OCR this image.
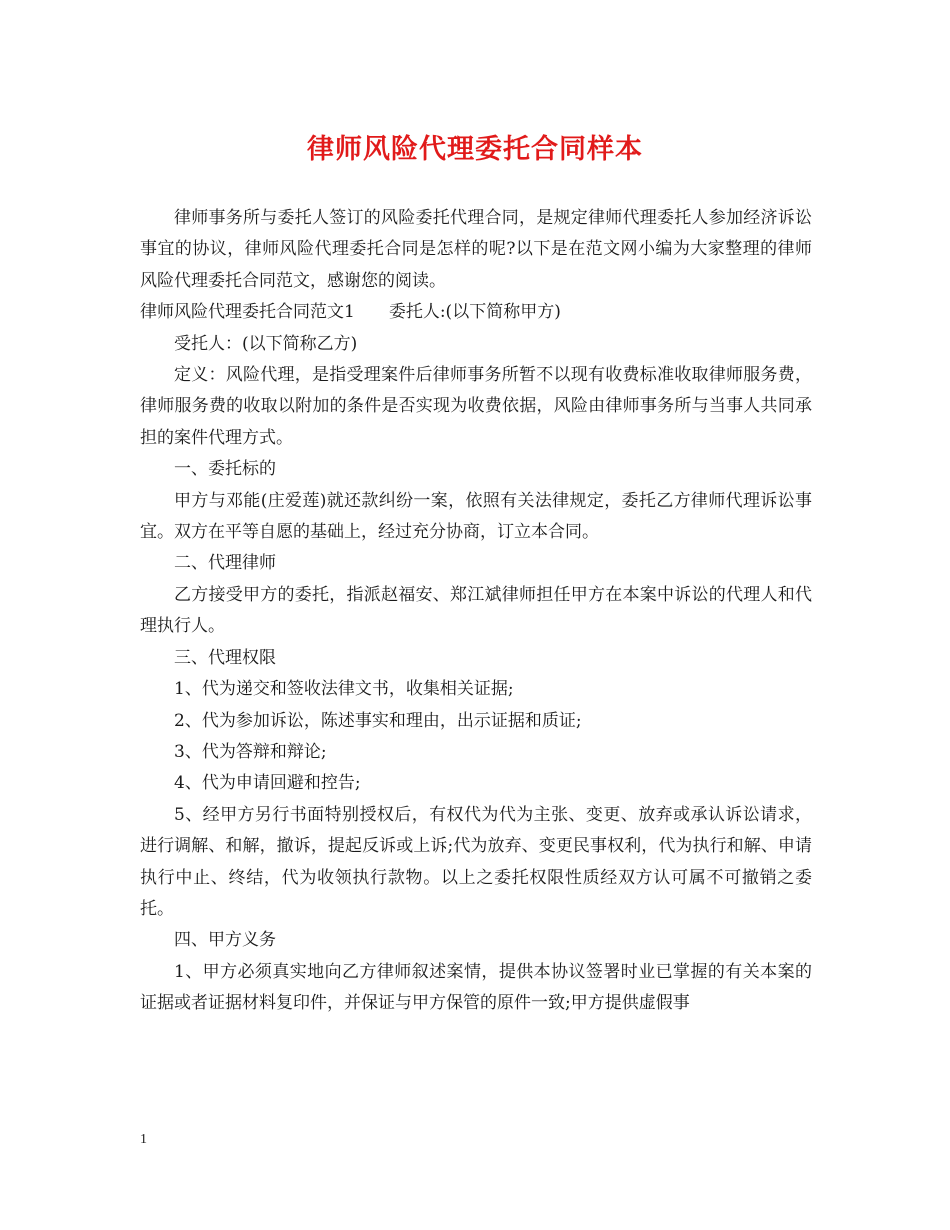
律师风险代理委托合同样本

律师事务所与委托人签订的风险委托代理合同，是规定律师代理委托人参加经济诉讼事宜的协议，律师风险代理委托合同是怎样的呢?以下是在范文网小编为大家整理的律师风险代理委托合同范文，感谢您的阅读。

律师风险代理委托合同范文1 委托人:(以下简称甲方)

受托人：(以下简称乙方)

定义：风险代理，是指受理案件后律师事务所暂不以现有收费标准收取律师服务费，律师服务费的收取以附加的条件是否实现为收费依据，风险由律师事务所与当事人共同承担的案件代理方式。

一、委托标的

甲方与邓能(庄爱莲)就还款纠纷一案，依照有关法律规定，委托乙方律师代理诉讼事宜。双方在平等自愿的基础上，经过充分协商，订立本合同。

二、代理律师

乙方接受甲方的委托，指派赵福安、郑江斌律师担任甲方在本案中诉讼的代理人和代理执行人。

三、代理权限

1、代为递交和签收法律文书，收集相关证据;

2、代为参加诉讼，陈述事实和理由，出示证据和质证;

3、代为答辩和辩论;

4、代为申请回避和控告;

5、经甲方另行书面特别授权后，有权代为代为主张、变更、放弃或承认诉讼请求，进行调解、和解，撤诉，提起反诉或上诉;代为放弃、变更民事权利，代为执行和解、申请执行中止、终结，代为收领执行款物。以上之委托权限性质经双方认可属不可撤销之委托。

四、甲方义务

1、甲方必须真实地向乙方律师叙述案情，提供本协议签署时业已掌握的有关本案的证据或者证据材料复印件，并保证与甲方保管的原件一致;甲方提供虚假事

1
